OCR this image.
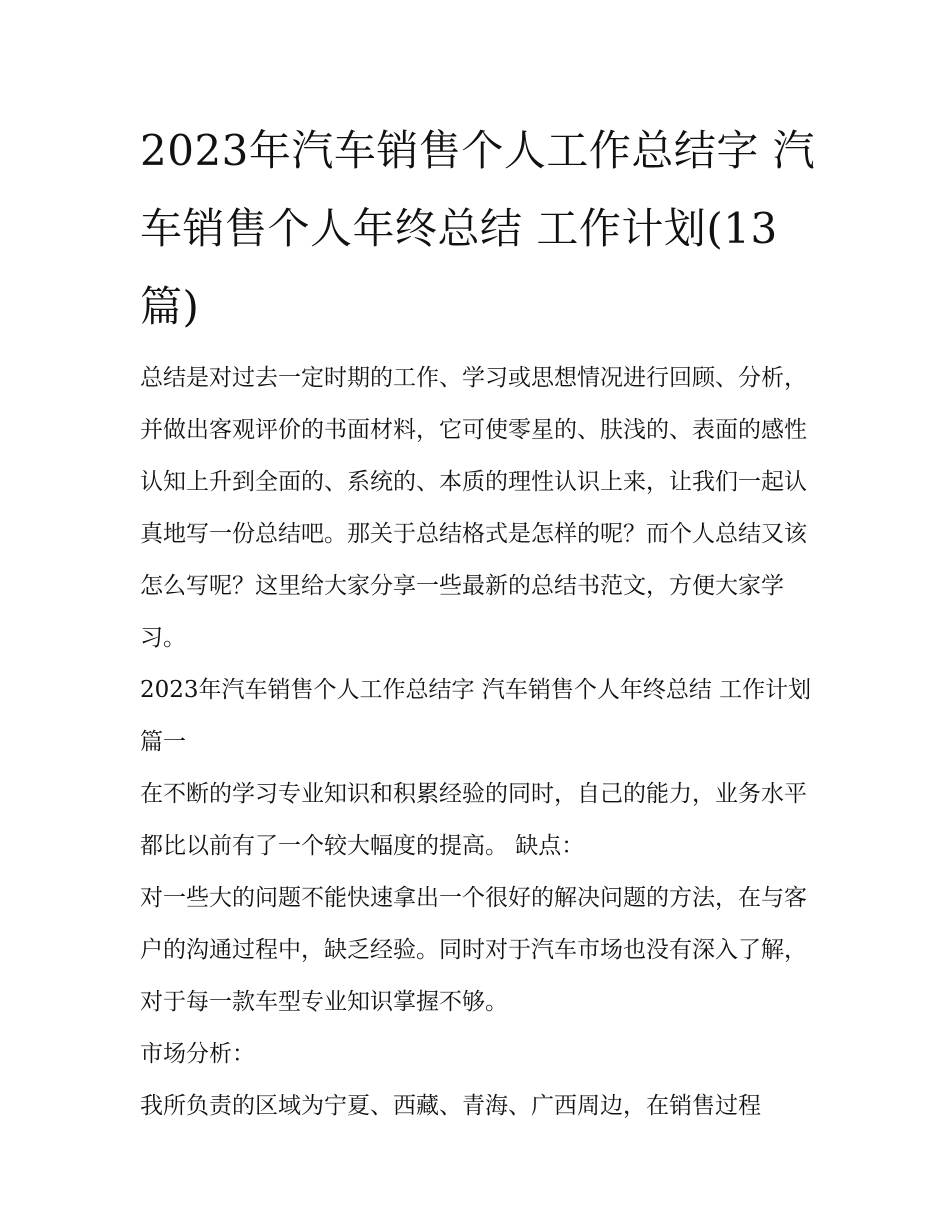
2023年汽车销售个人工作总结字 汽车销售个人年终总结 工作计划(13篇)

总结是对过去一定时期的工作、学习或思想情况进行回顾、分析，并做出客观评价的书面材料，它可使零星的、肤浅的、表面的感性认知上升到全面的、系统的、本质的理性认识上来，让我们一起认真地写一份总结吧。那关于总结格式是怎样的呢？而个人总结又该怎么写呢？这里给大家分享一些最新的总结书范文，方便大家学习。

2023年汽车销售个人工作总结字 汽车销售个人年终总结 工作计划篇一

在不断的学习专业知识和积累经验的同时，自己的能力，业务水平都比以前有了一个较大幅度的提高。 缺点：

对一些大的问题不能快速拿出一个很好的解决问题的方法，在与客户的沟通过程中，缺乏经验。同时对于汽车市场也没有深入了解，对于每一款车型专业知识掌握不够。

市场分析：

我所负责的区域为宁夏、西藏、青海、广西周边，在销售过程
